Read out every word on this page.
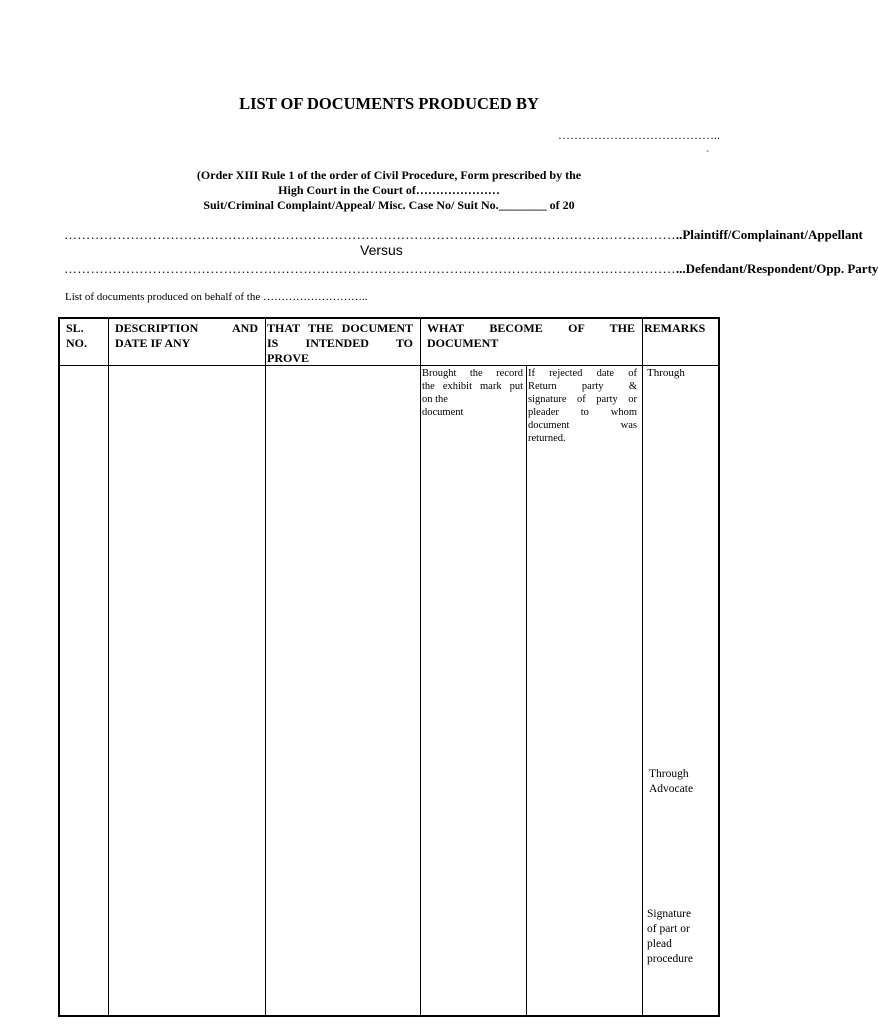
LIST OF DOCUMENTS PRODUCED BY
…………………………………..
`
(Order XIII Rule 1 of the order of Civil Procedure, Form prescribed by the
High Court in the Court of…………………
Suit/Criminal Complaint/Appeal/ Misc. Case No/ Suit No.________ of 20
………………………………………………………………………………………………………………………… ..Plaintiff/Complainant/Appellant
Versus
………………………………………………………………………………………………………………………… ...Defendant/Respondent/Opp. Party
List of documents produced on behalf of the ………………………..
SL.
NO.
DESCRIPTION AND
DATE IF ANY
THAT THE DOCUMENT
IS INTENDED TO
PROVE
WHAT BECOME OF THE
DOCUMENT
REMARKS
Brought the record
the exhibit mark put
on the
document
If rejected date of
Return party &
signature of party or
pleader to whom
document was
returned.
Through
Through
Advocate
Signature
of part or
plead
procedure
